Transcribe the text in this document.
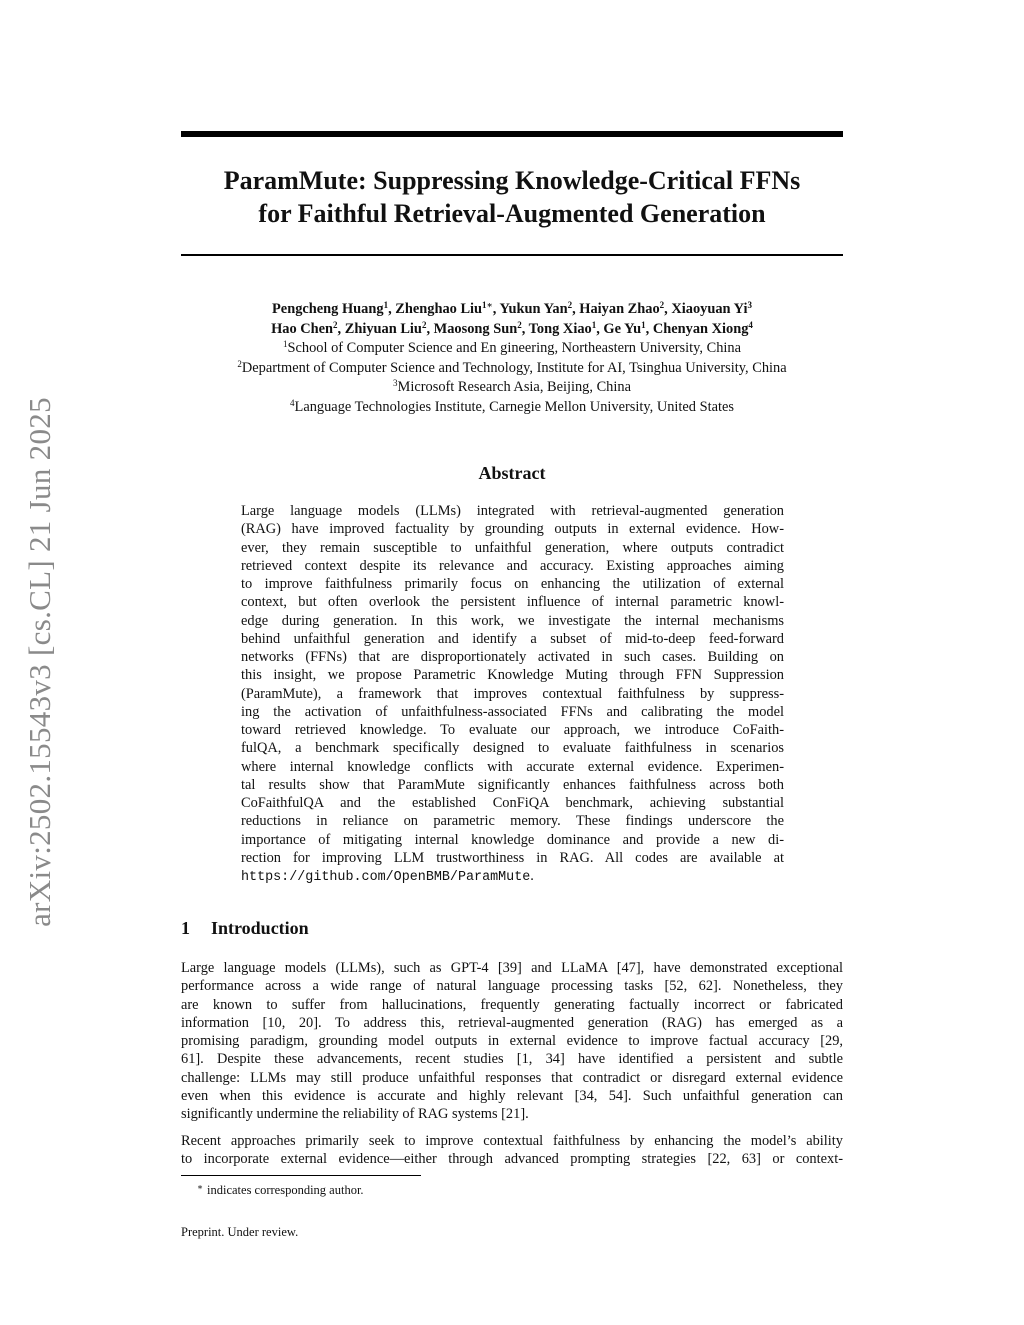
arXiv:2502.15543v3 [cs.CL] 21 Jun 2025
ParamMute: Suppressing Knowledge-Critical FFNs
for Faithful Retrieval-Augmented Generation
Pengcheng Huang$^1$, Zhenghao Liu$^{1∗}$, Yukun Yan$^2$, Haiyan Zhao$^2$, Xiaoyuan Yi$^3$
Hao Chen$^2$, Zhiyuan Liu$^2$, Maosong Sun$^2$, Tong Xiao$^1$, Ge Yu$^1$, Chenyan Xiong$^4$
$^1$School of Computer Science and En gineering, Northeastern University, China
$^2$Department of Computer Science and Technology, Institute for AI, Tsinghua University, China
$^3$Microsoft Research Asia, Beijing, China
$^4$Language Technologies Institute, Carnegie Mellon University, United States
Abstract
Large language models (LLMs) integrated with retrieval-augmented generation
(RAG) have improved factuality by grounding outputs in external evidence. How-
ever, they remain susceptible to unfaithful generation, where outputs contradict
retrieved context despite its relevance and accuracy. Existing approaches aiming
to improve faithfulness primarily focus on enhancing the utilization of external
context, but often overlook the persistent influence of internal parametric knowl-
edge during generation. In this work, we investigate the internal mechanisms
behind unfaithful generation and identify a subset of mid-to-deep feed-forward
networks (FFNs) that are disproportionately activated in such cases. Building on
this insight, we propose Parametric Knowledge Muting through FFN Suppression
(ParamMute), a framework that improves contextual faithfulness by suppress-
ing the activation of unfaithfulness-associated FFNs and calibrating the model
toward retrieved knowledge. To evaluate our approach, we introduce CoFaith-
fulQA, a benchmark specifically designed to evaluate faithfulness in scenarios
where internal knowledge conflicts with accurate external evidence. Experimen-
tal results show that ParamMute significantly enhances faithfulness across both
CoFaithfulQA and the established ConFiQA benchmark, achieving substantial
reductions in reliance on parametric memory. These findings underscore the
importance of mitigating internal knowledge dominance and provide a new di-
rection for improving LLM trustworthiness in RAG. All codes are available at
https://github.com/OpenBMB/ParamMute.
1 Introduction
Large language models (LLMs), such as GPT-4 [39] and LLaMA [47], have demonstrated exceptional
performance across a wide range of natural language processing tasks [52, 62]. Nonetheless, they
are known to suffer from hallucinations, frequently generating factually incorrect or fabricated
information [10, 20]. To address this, retrieval-augmented generation (RAG) has emerged as a
promising paradigm, grounding model outputs in external evidence to improve factual accuracy [29,
61]. Despite these advancements, recent studies [1, 34] have identified a persistent and subtle
challenge: LLMs may still produce unfaithful responses that contradict or disregard external evidence
even when this evidence is accurate and highly relevant [34, 54]. Such unfaithful generation can
significantly undermine the reliability of RAG systems [21].
Recent approaches primarily seek to improve contextual faithfulness by enhancing the model’s ability
to incorporate external evidence—either through advanced prompting strategies [22, 63] or context-

∗ indicates corresponding author.

Preprint. Under review.
